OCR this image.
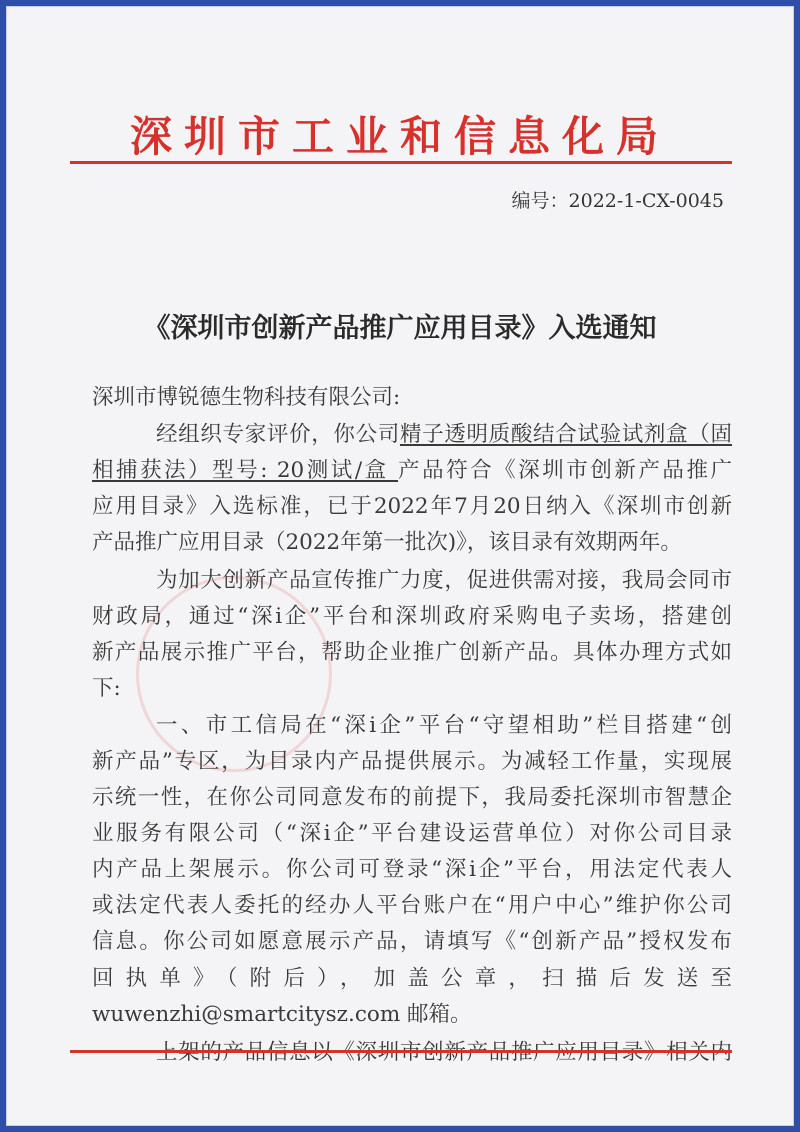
深圳市工业和信息化局
编号：2022-1-CX-0045
《深圳市创新产品推广应用目录》入选通知
深圳市博锐德生物科技有限公司:
经组织专家评价，你公司精子透明质酸结合试验试剂盒（固
相捕获法）型号: 20测试/盒 产品符合《深圳市创新产品推广
应用目录》入选标准，已于2022年7月20日纳入《深圳市创新
产品推广应用目录（2022年第一批次)》，该目录有效期两年。
为加大创新产品宣传推广力度，促进供需对接，我局会同市
财政局，通过“深i企”平台和深圳政府采购电子卖场，搭建创
新产品展示推广平台，帮助企业推广创新产品。具体办理方式如
下:
一、市工信局在“深i企”平台“守望相助”栏目搭建“创
新产品”专区，为目录内产品提供展示。为减轻工作量，实现展
示统一性，在你公司同意发布的前提下，我局委托深圳市智慧企
业服务有限公司（“深i企”平台建设运营单位）对你公司目录
内产品上架展示。你公司可登录“深i企”平台，用法定代表人
或法定代表人委托的经办人平台账户在“用户中心”维护你公司
信息。你公司如愿意展示产品，请填写《“创新产品”授权发布
回执单》（附后），加盖公章，扫描后发送至
wuwenzhi@smartcitysz.com 邮箱。
